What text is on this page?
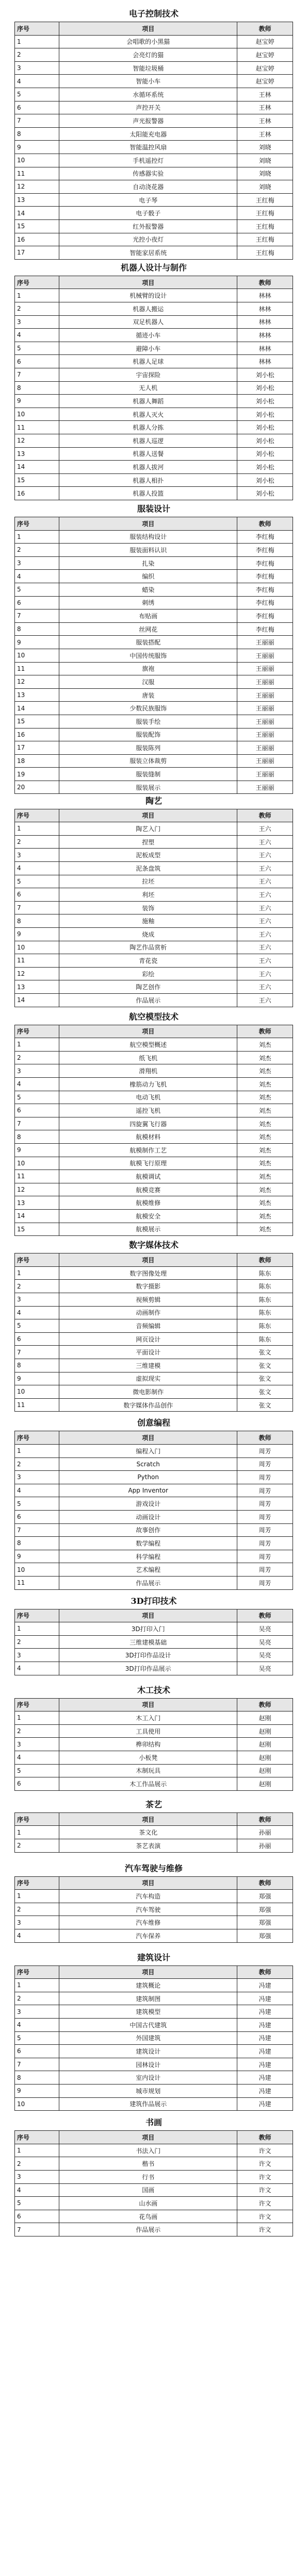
电子控制技术
序号	项目	教师
1	会唱歌的小黑猫	赵宝婷
2	会亮灯的猫	赵宝婷
3	智能垃圾桶	赵宝婷
4	智能小车	赵宝婷
5	水循环系统	王林
6	声控开关	王林
7	声光报警器	王林
8	太阳能充电器	王林
9	智能温控风扇	刘晓
10	手机遥控灯	刘晓
11	传感器实验	刘晓
12	自动浇花器	刘晓
13	电子琴	王红梅
14	电子骰子	王红梅
15	红外报警器	王红梅
16	光控小夜灯	王红梅
17	智能家居系统	王红梅
机器人设计与制作
序号	项目	教师
1	机械臂的设计	林林
2	机器人搬运	林林
3	双足机器人	林林
4	循迹小车	林林
5	避障小车	林林
6	机器人足球	林林
7	宇宙探险	刘小松
8	无人机	刘小松
9	机器人舞蹈	刘小松
10	机器人灭火	刘小松
11	机器人分拣	刘小松
12	机器人巡逻	刘小松
13	机器人送餐	刘小松
14	机器人拔河	刘小松
15	机器人相扑	刘小松
16	机器人投篮	刘小松
服装设计
序号	项目	教师
1	服装结构设计	李红梅
2	服装面料认识	李红梅
3	扎染	李红梅
4	编织	李红梅
5	蜡染	李红梅
6	刺绣	李红梅
7	布贴画	李红梅
8	丝网花	李红梅
9	服装搭配	王丽丽
10	中国传统服饰	王丽丽
11	旗袍	王丽丽
12	汉服	王丽丽
13	唐装	王丽丽
14	少数民族服饰	王丽丽
15	服装手绘	王丽丽
16	服装配饰	王丽丽
17	服装陈列	王丽丽
18	服装立体裁剪	王丽丽
19	服装缝制	王丽丽
20	服装展示	王丽丽
陶艺
序号	项目	教师
1	陶艺入门	王六
2	捏塑	王六
3	泥板成型	王六
4	泥条盘筑	王六
5	拉坯	王六
6	利坯	王六
7	装饰	王六
8	施釉	王六
9	烧成	王六
10	陶艺作品赏析	王六
11	青花瓷	王六
12	彩绘	王六
13	陶艺创作	王六
14	作品展示	王六
航空模型技术
序号	项目	教师
1	航空模型概述	刘杰
2	纸飞机	刘杰
3	滑翔机	刘杰
4	橡筋动力飞机	刘杰
5	电动飞机	刘杰
6	遥控飞机	刘杰
7	四旋翼飞行器	刘杰
8	航模材料	刘杰
9	航模制作工艺	刘杰
10	航模飞行原理	刘杰
11	航模调试	刘杰
12	航模竞赛	刘杰
13	航模维修	刘杰
14	航模安全	刘杰
15	航模展示	刘杰
数字媒体技术
序号	项目	教师
1	数字图像处理	陈东
2	数字摄影	陈东
3	视频剪辑	陈东
4	动画制作	陈东
5	音频编辑	陈东
6	网页设计	陈东
7	平面设计	张文
8	三维建模	张文
9	虚拟现实	张文
10	微电影制作	张文
11	数字媒体作品创作	张文
创意编程
序号	项目	教师
1	编程入门	周芳
2	Scratch	周芳
3	Python	周芳
4	App Inventor	周芳
5	游戏设计	周芳
6	动画设计	周芳
7	故事创作	周芳
8	数学编程	周芳
9	科学编程	周芳
10	艺术编程	周芳
11	作品展示	周芳
3D打印技术
序号	项目	教师
1	3D打印入门	吴亮
2	三维建模基础	吴亮
3	3D打印作品设计	吴亮
4	3D打印作品展示	吴亮
木工技术
序号	项目	教师
1	木工入门	赵刚
2	工具使用	赵刚
3	榫卯结构	赵刚
4	小板凳	赵刚
5	木制玩具	赵刚
6	木工作品展示	赵刚
茶艺
序号	项目	教师
1	茶文化	孙丽
2	茶艺表演	孙丽
汽车驾驶与维修
序号	项目	教师
1	汽车构造	郑强
2	汽车驾驶	郑强
3	汽车维修	郑强
4	汽车保养	郑强
建筑设计
序号	项目	教师
1	建筑概论	冯建
2	建筑制图	冯建
3	建筑模型	冯建
4	中国古代建筑	冯建
5	外国建筑	冯建
6	建筑设计	冯建
7	园林设计	冯建
8	室内设计	冯建
9	城市规划	冯建
10	建筑作品展示	冯建
书画
序号	项目	教师
1	书法入门	许文
2	楷书	许文
3	行书	许文
4	国画	许文
5	山水画	许文
6	花鸟画	许文
7	作品展示	许文
